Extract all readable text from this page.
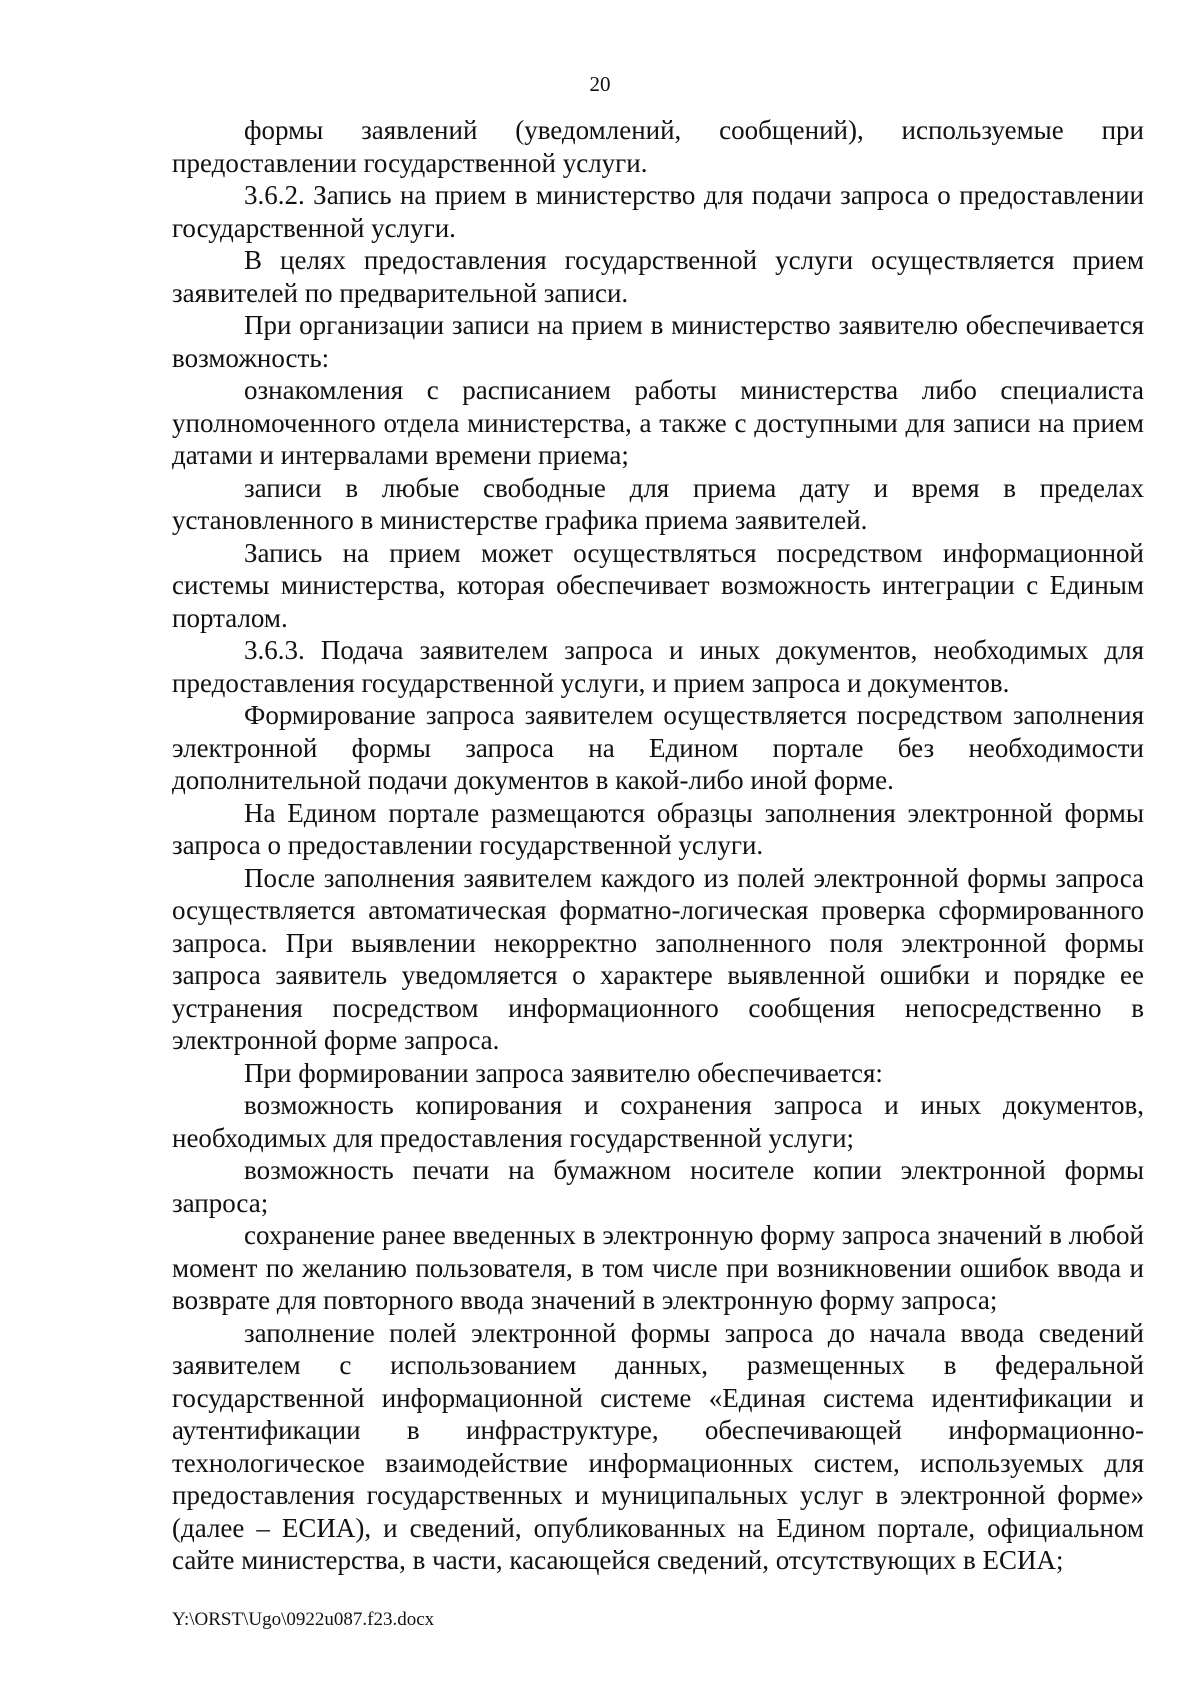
20

формы заявлений (уведомлений, сообщений), используемые при предоставлении государственной услуги.

3.6.2. Запись на прием в министерство для подачи запроса о предоставлении государственной услуги.

В целях предоставления государственной услуги осуществляется прием заявителей по предварительной записи.

При организации записи на прием в министерство заявителю обеспечивается возможность:

ознакомления с расписанием работы министерства либо специалиста уполномоченного отдела министерства, а также с доступными для записи на прием датами и интервалами времени приема;

записи в любые свободные для приема дату и время в пределах установленного в министерстве графика приема заявителей.

Запись на прием может осуществляться посредством информационной системы министерства, которая обеспечивает возможность интеграции с Единым порталом.

3.6.3. Подача заявителем запроса и иных документов, необходимых для предоставления государственной услуги, и прием запроса и документов.

Формирование запроса заявителем осуществляется посредством заполнения электронной формы запроса на Едином портале без необходимости дополнительной подачи документов в какой-либо иной форме.

На Едином портале размещаются образцы заполнения электронной формы запроса о предоставлении государственной услуги.

После заполнения заявителем каждого из полей электронной формы запроса осуществляется автоматическая форматно-логическая проверка сформированного запроса. При выявлении некорректно заполненного поля электронной формы запроса заявитель уведомляется о характере выявленной ошибки и порядке ее устранения посредством информационного сообщения непосредственно в электронной форме запроса.

При формировании запроса заявителю обеспечивается:

возможность копирования и сохранения запроса и иных документов, необходимых для предоставления государственной услуги;

возможность печати на бумажном носителе копии электронной формы запроса;

сохранение ранее введенных в электронную форму запроса значений в любой момент по желанию пользователя, в том числе при возникновении ошибок ввода и возврате для повторного ввода значений в электронную форму запроса;

заполнение полей электронной формы запроса до начала ввода сведений заявителем с использованием данных, размещенных в федеральной государственной информационной системе «Единая система идентификации и аутентификации в инфраструктуре, обеспечивающей информационно-технологическое взаимодействие информационных систем, используемых для предоставления государственных и муниципальных услуг в электронной форме» (далее – ЕСИА), и сведений, опубликованных на Едином портале, официальном сайте министерства, в части, касающейся сведений, отсутствующих в ЕСИА;

Y:\ORST\Ugo\0922u087.f23.docx
